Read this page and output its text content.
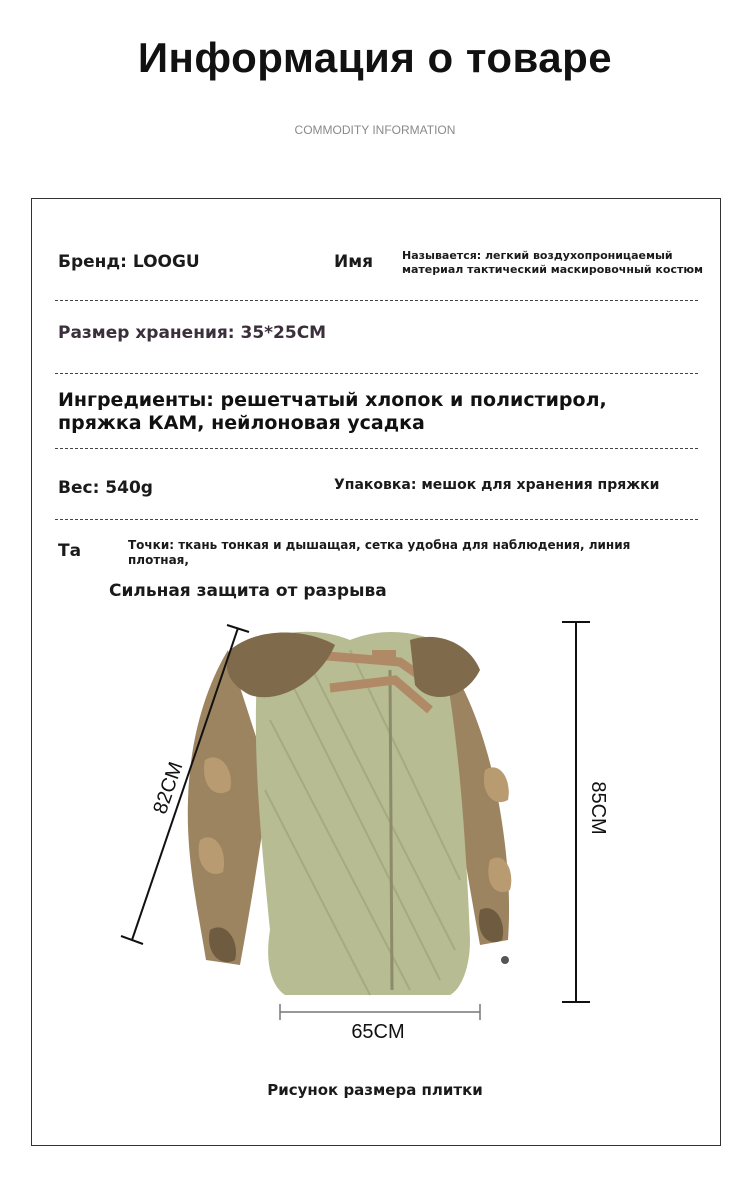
Информация о товаре
COMMODITY INFORMATION
Бренд: LOOGU	Имя	Называется: легкий воздухопроницаемый материал тактический маскировочный костюм
Размер хранения: 35*25CM
Ингредиенты: решетчатый хлопок и полистирол, пряжка КАМ, нейлоновая усадка
Вес: 540g	Упаковка: мешок для хранения пряжки
Та	Точки: ткань тонкая и дышащая, сетка удобна для наблюдения, линия плотная,
Сильная защита от разрыва
82CM	85CM
65CM
Рисунок размера плитки
